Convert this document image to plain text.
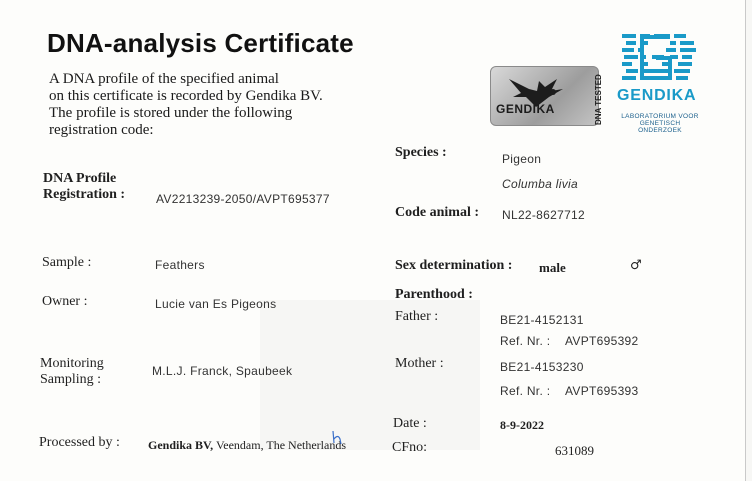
DNA-analysis Certificate
A DNA profile of the specified animal
on this certificate is recorded by Gendika BV.
The profile is stored under the following
registration code:
GENDIKA	DNA TESTED GENDIKA
LABORATORIUM VOOR
GENETISCH ONDERZOEK
DNA Profile
Registration :	AV2213239-2050/AVPT695377
Sample :	Feathers
Owner :	Lucie van Es Pigeons
Monitoring
Sampling :
M.L.J. Franck, Spaubeek
Processed by : Gendika BV, Veendam, The Netherlands
Species :	Pigeon
Columba livia
Code animal : NL22-8627712
Sex determination : male	♂
Parenthood :
Father :	BE21-4152131
Ref. Nr. : AVPT695392
Mother :	BE21-4153230
Ref. Nr. : AVPT695393
Date :	8-9-2022
CFno:	631089
